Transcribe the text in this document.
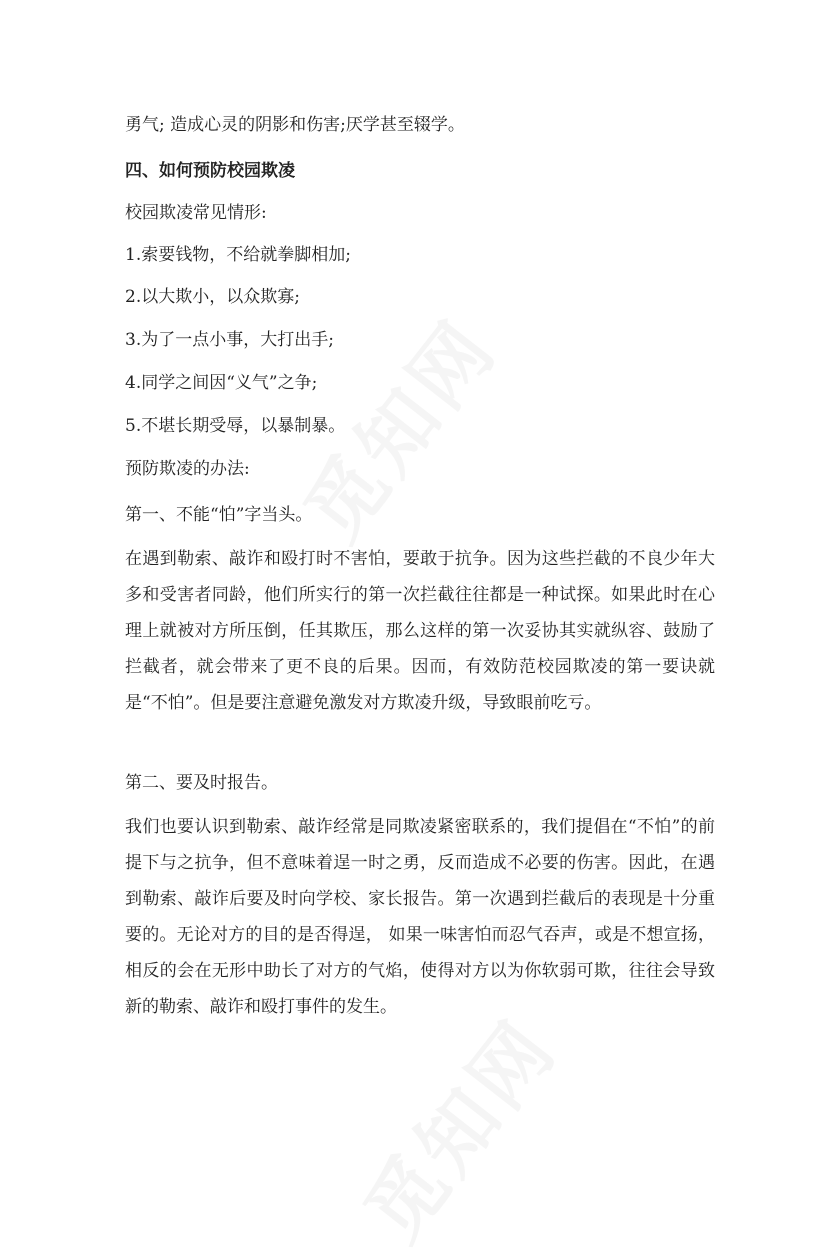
觅知网
觅知网

勇气; 造成心灵的阴影和伤害;厌学甚至辍学。

四、如何预防校园欺凌

校园欺凌常见情形:

1.索要钱物，不给就拳脚相加;

2.以大欺小，以众欺寡;

3.为了一点小事，大打出手;

4.同学之间因“义气”之争;

5.不堪长期受辱，以暴制暴。

预防欺凌的办法:

第一、不能“怕”字当头。

在遇到勒索、敲诈和殴打时不害怕，要敢于抗争。因为这些拦截的不良少年大多和受害者同龄，他们所实行的第一次拦截往往都是一种试探。如果此时在心理上就被对方所压倒，任其欺压，那么这样的第一次妥协其实就纵容、鼓励了拦截者，就会带来了更不良的后果。因而，有效防范校园欺凌的第一要诀就是“不怕”。但是要注意避免激发对方欺凌升级，导致眼前吃亏。

第二、要及时报告。

我们也要认识到勒索、敲诈经常是同欺凌紧密联系的，我们提倡在“不怕”的前提下与之抗争，但不意味着逞一时之勇，反而造成不必要的伤害。因此，在遇到勒索、敲诈后要及时向学校、家长报告。第一次遇到拦截后的表现是十分重要的。无论对方的目的是否得逞， 如果一味害怕而忍气吞声，或是不想宣扬，相反的会在无形中助长了对方的气焰，使得对方以为你软弱可欺，往往会导致新的勒索、敲诈和殴打事件的发生。
